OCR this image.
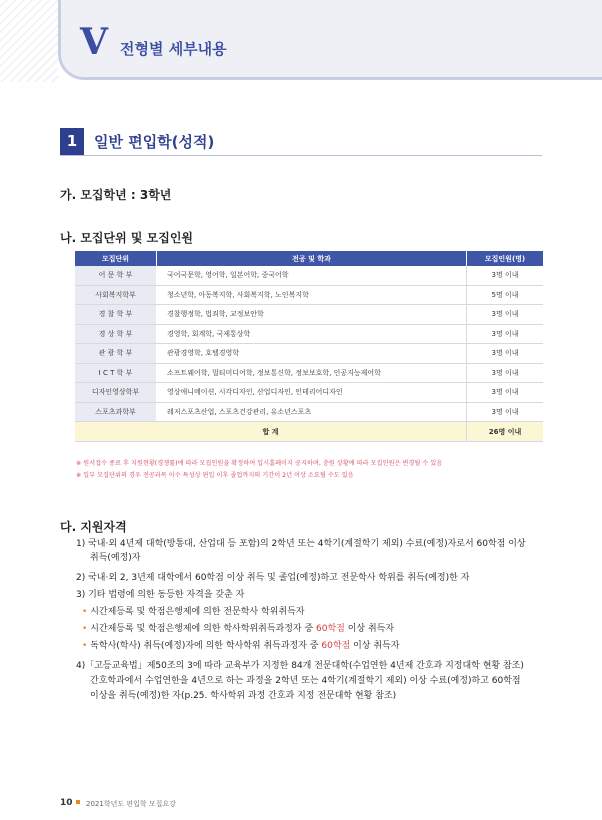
V 전형별 세부내용
1	일반 편입학(성적)
가. 모집학년 : 3학년
나. 모집단위 및 모집인원
모집단위	전공 및 학과	모집인원(명)
어 문 학 부	국어국문학, 영어학, 일본어학, 중국어학	3명 이내
사회복지학부	청소년학, 아동복지학, 사회복지학, 노인복지학	5명 이내
경 찰 학 부	경찰행정학, 법죄학, 교정보안학	3명 이내
경 상 학 부	경영학, 회계학, 국제통상학	3명 이내
관 광 학 부	관광경영학, 호텔경영학	3명 이내
I C T 학 부	소프트웨어학, 멀티미디어학, 정보통신학, 정보보호학, 인공지능제어학	3명 이내
디자인영상학부	영상애니메이션, 시각디자인, 산업디자인, 인테리어디자인	3명 이내
스포츠과학부	레저스포츠산업, 스포츠건강관리, 유소년스포츠	3명 이내
합 계		26명 이내
※ 원서접수 종료 후 지원현황(경쟁률)에 따라 모집인원을 확정하여 입시홈페이지 공지하며, 충원 상황에 따라 모집인원은 변경될 수 있음
※ 일부 모집단위의 경우 전공과목 이수 특성상 편입 이후 졸업까지의 기간이 2년 이상 소요될 수도 있음
다. 지원자격
1) 국내·외 4년제 대학(방통대, 산업대 등 포함)의 2학년 또는 4학기(계절학기 제외) 수료(예정)자로서 60학점 이상
취득(예정)자
2) 국내·외 2, 3년제 대학에서 60학점 이상 취득 및 졸업(예정)하고 전문학사 학위를 취득(예정)한 자
3) 기타 법령에 의한 동등한 자격을 갖춘 자
• 시간제등록 및 학점은행제에 의한 전문학사 학위취득자
• 시간제등록 및 학점은행제에 의한 학사학위취득과정자 중 60학점 이상 취득자
• 독학사(학사) 취득(예정)자에 의한 학사학위 취득과정자 중 60학점 이상 취득자
4)「고등교육법」제50조의 3에 따라 교육부가 지정한 84개 전문대학(수업연한 4년제 간호과 지정대학 현황 참조)
간호학과에서 수업연한을 4년으로 하는 과정을 2학년 또는 4학기(계절학기 제외) 이상 수료(예정)하고 60학점
이상을 취득(예정)한 자(p.25. 학사학위 과정 간호과 지정 전문대학 현황 참조)
10 2021학년도 편입학 모집요강
